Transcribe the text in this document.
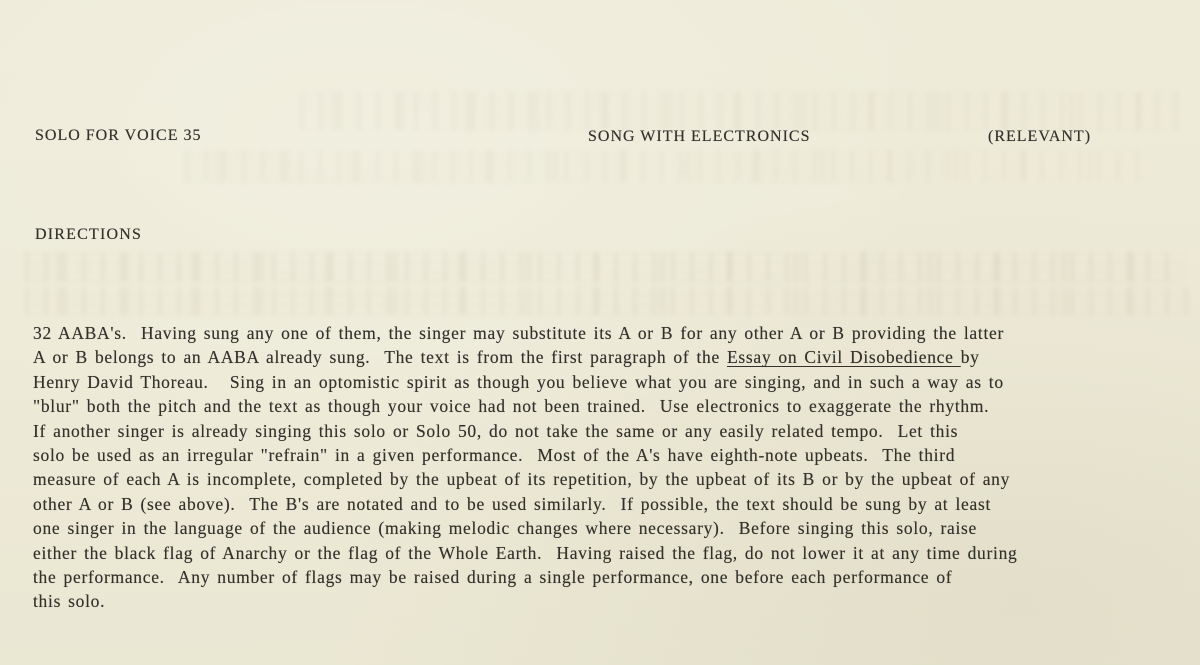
SOLO FOR VOICE 35	SONG WITH ELECTRONICS	(RELEVANT)
DIRECTIONS
32 AABA's.  Having sung any one of them, the singer may substitute its A or B for any other A or B providing the latter
A or B belongs to an AABA already sung.  The text is from the first paragraph of the Essay on Civil Disobedience by
Henry David Thoreau.   Sing in an optomistic spirit as though you believe what you are singing, and in such a way as to
"blur" both the pitch and the text as though your voice had not been trained.  Use electronics to exaggerate the rhythm.
If another singer is already singing this solo or Solo 50, do not take the same or any easily related tempo.  Let this
solo be used as an irregular "refrain" in a given performance.  Most of the A's have eighth-note upbeats.  The third
measure of each A is incomplete, completed by the upbeat of its repetition, by the upbeat of its B or by the upbeat of any
other A or B (see above).  The B's are notated and to be used similarly.  If possible, the text should be sung by at least
one singer in the language of the audience (making melodic changes where necessary).  Before singing this solo, raise
either the black flag of Anarchy or the flag of the Whole Earth.  Having raised the flag, do not lower it at any time during
the performance.  Any number of flags may be raised during a single performance, one before each performance of
this solo.
